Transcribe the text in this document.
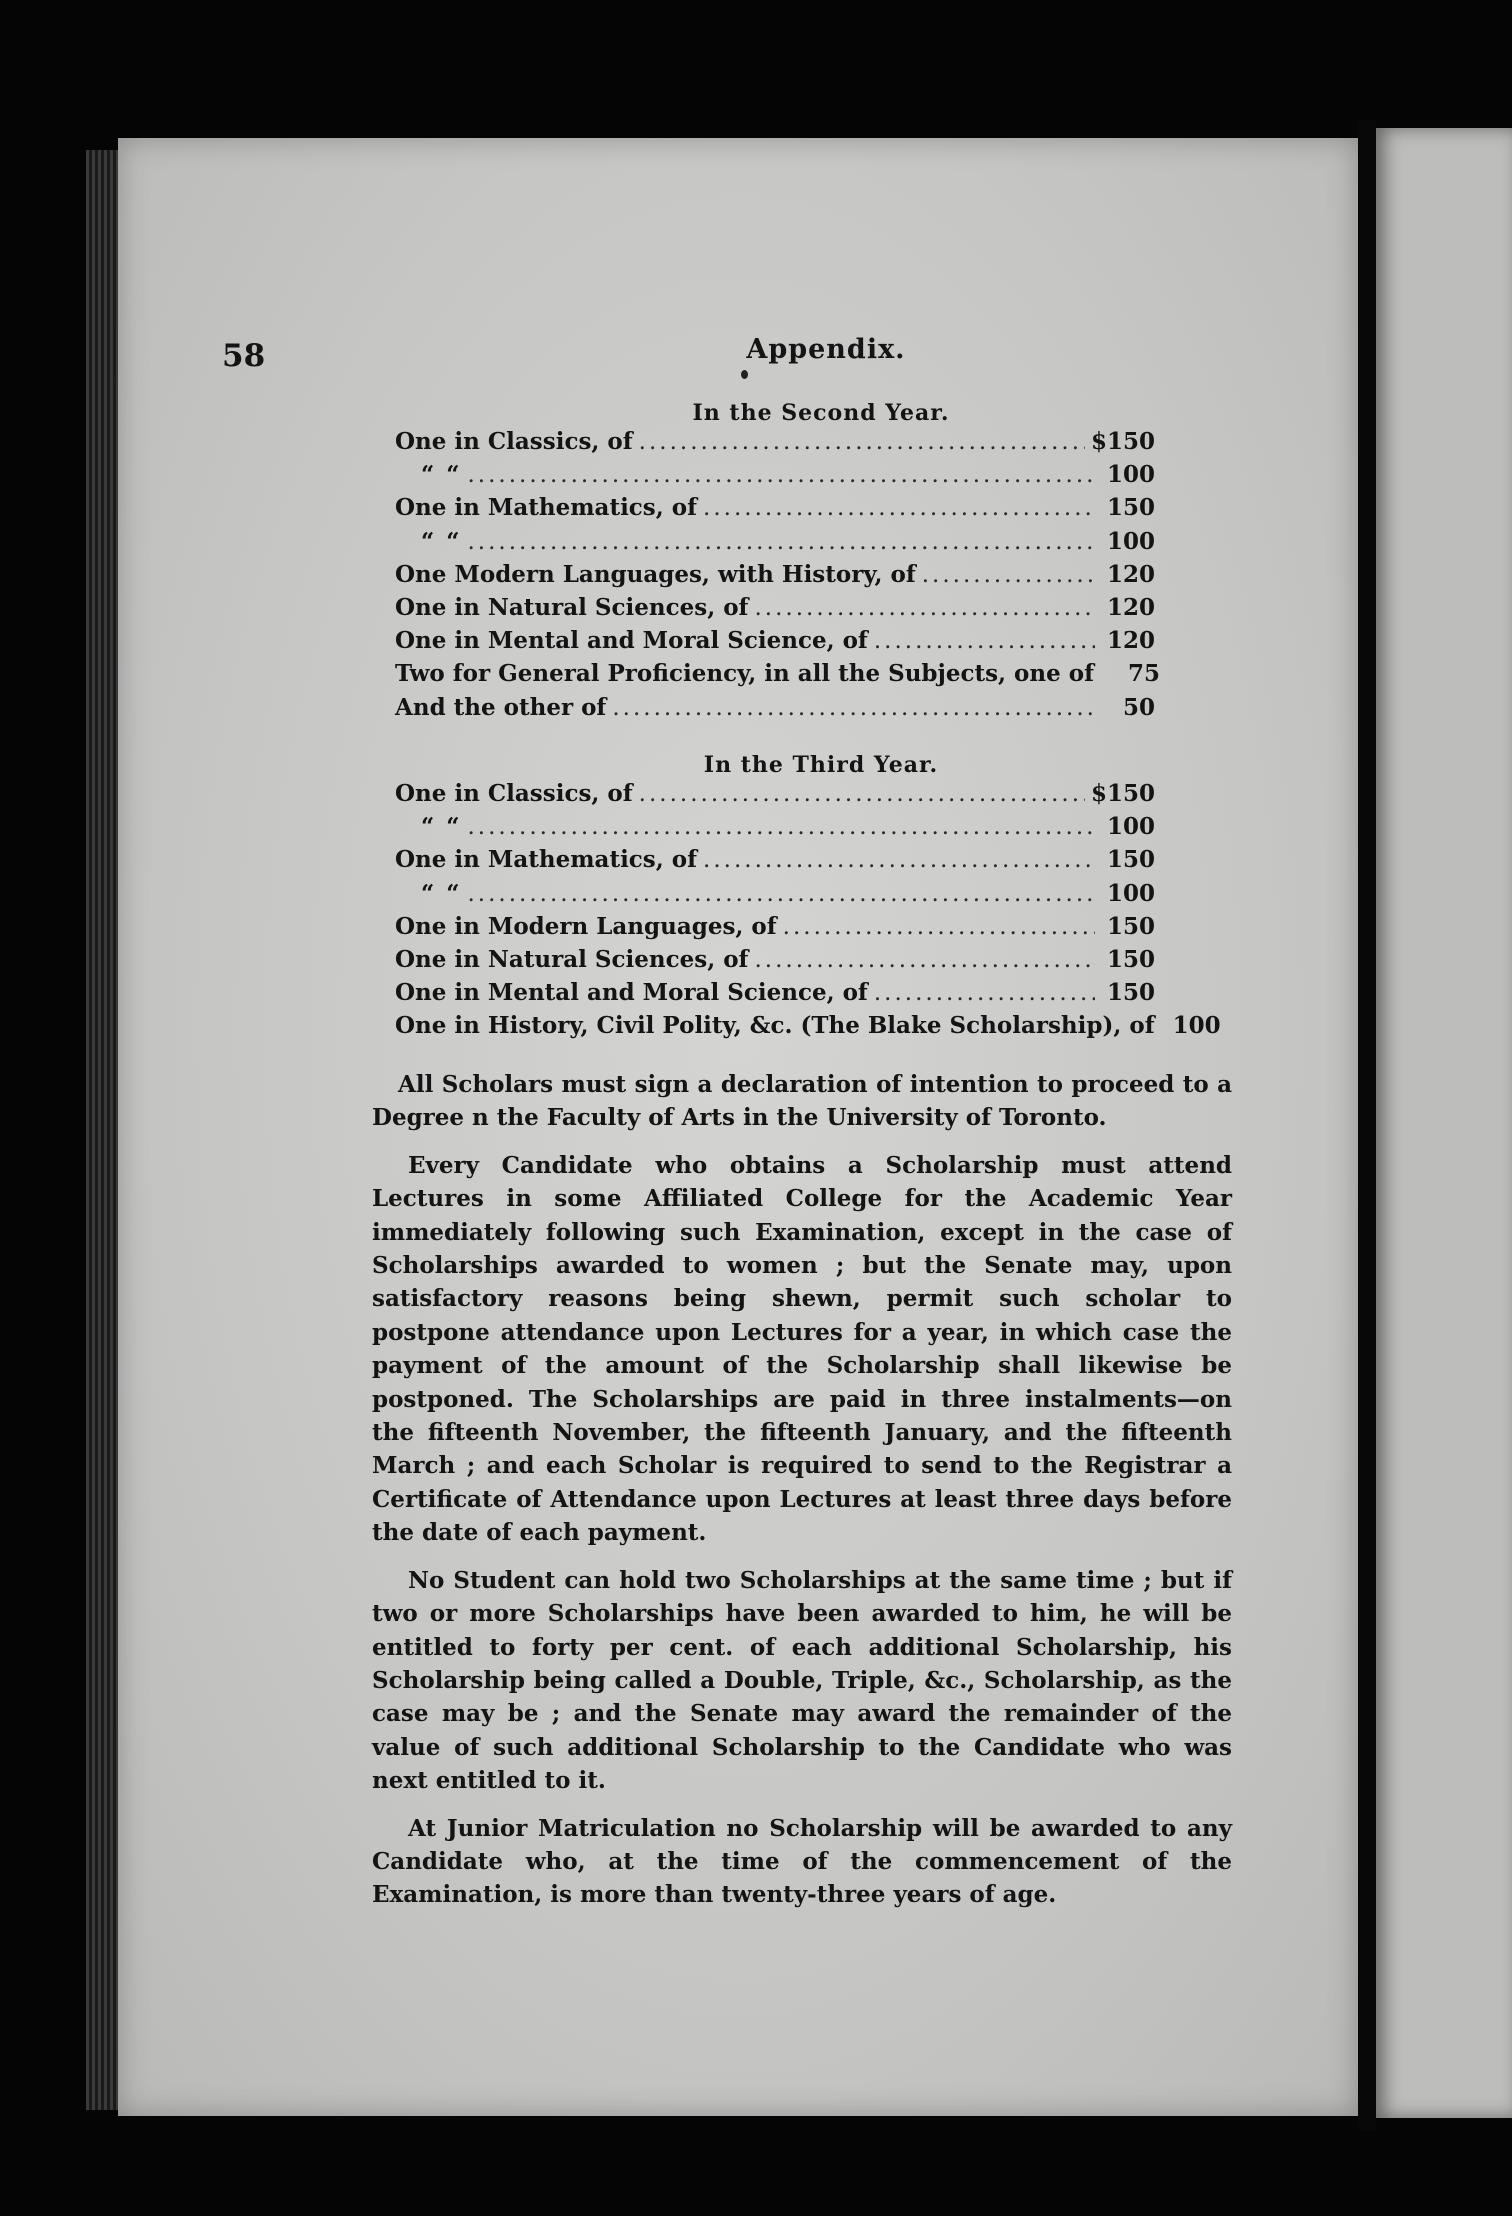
58	Appendix.
In the Second Year.
One in Classics, of .....	$150
“ “ .....	100
One in Mathematics, of .....	150
“ “ .....	100
One Modern Languages, with History, of .....	120
One in Natural Sciences, of .....	120
One in Mental and Moral Science, of .....	120
Two for General Proficiency, in all the Subjects, one of	75
And the other of .....	50
In the Third Year.
One in Classics, of .....	$150
“ “ .....	100
One in Mathematics, of .....	150
“ “ .....	100
One in Modern Languages, of .....	150
One in Natural Sciences, of .....	150
One in Mental and Moral Science, of .....	150
One in History, Civil Polity, &c. (The Blake Scholarship), of 100

All Scholars must sign a declaration of intention to proceed to a Degree n the Faculty of Arts in the University of Toronto.

Every Candidate who obtains a Scholarship must attend Lectures in some Affiliated College for the Academic Year immediately following such Examination, except in the case of Scholarships awarded to women ; but the Senate may, upon satisfactory reasons being shewn, permit such scholar to postpone attendance upon Lectures for a year, in which case the payment of the amount of the Scholarship shall likewise be postponed. The Scholarships are paid in three instalments—on the fifteenth November, the fifteenth January, and the fifteenth March ; and each Scholar is required to send to the Registrar a Certificate of Attendance upon Lectures at least three days before the date of each payment.

No Student can hold two Scholarships at the same time ; but if two or more Scholarships have been awarded to him, he will be entitled to forty per cent. of each additional Scholarship, his Scholarship being called a Double, Triple, &c., Scholarship, as the case may be ; and the Senate may award the remainder of the value of such additional Scholarship to the Candidate who was next entitled to it.

At Junior Matriculation no Scholarship will be awarded to any Candidate who, at the time of the commencement of the Examination, is more than twenty-three years of age.
